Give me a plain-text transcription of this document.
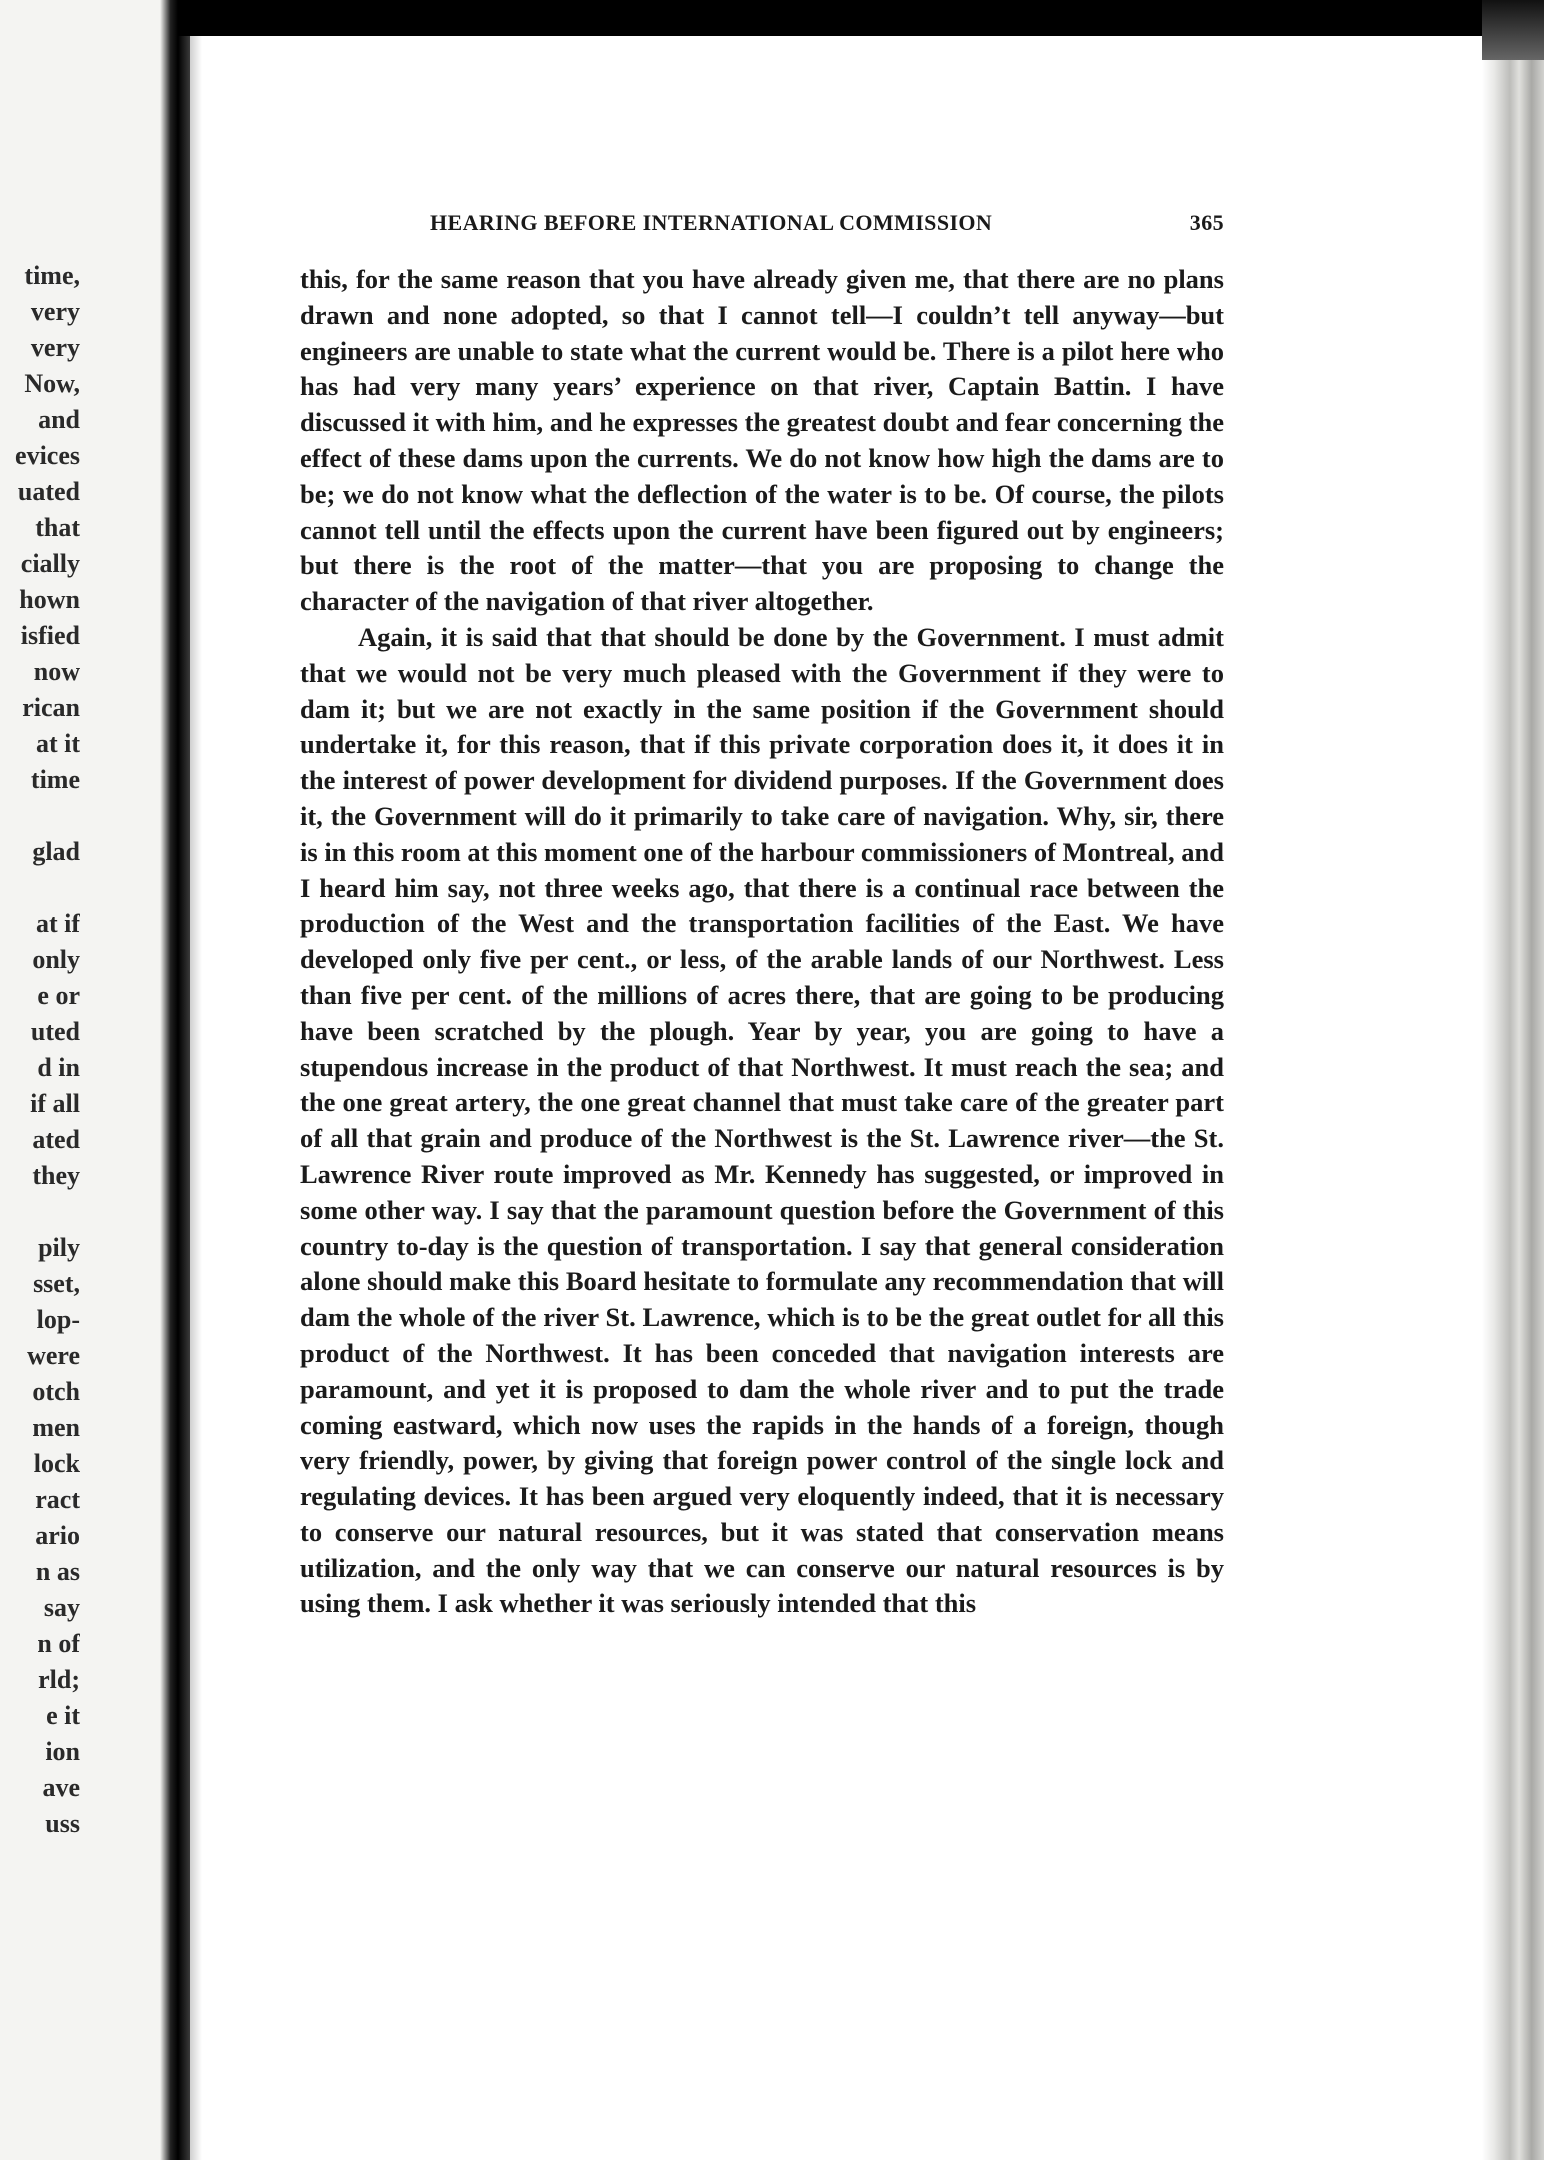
time,
very
very
Now,
and
evices
uated
that
cially
hown
isfied
now
rican
at it
time
glad
at if
only
e or
uted
d in
if all
ated
they
pily
sset,
lop-
were
otch
men
lock
ract
ario
n as
say
n of
rld;
e it
ion
ave
uss
HEARING BEFORE INTERNATIONAL COMMISSION	365

this, for the same reason that you have already given me, that there are no plans drawn and none adopted, so that I cannot tell—I couldn’t tell anyway—but engineers are unable to state what the current would be. There is a pilot here who has had very many years’ experience on that river, Captain Battin. I have discussed it with him, and he expresses the greatest doubt and fear concerning the effect of these dams upon the currents. We do not know how high the dams are to be; we do not know what the deflection of the water is to be. Of course, the pilots cannot tell until the effects upon the current have been figured out by engineers; but there is the root of the matter—that you are proposing to change the character of the navigation of that river altogether.

Again, it is said that that should be done by the Government. I must admit that we would not be very much pleased with the Government if they were to dam it; but we are not exactly in the same position if the Government should undertake it, for this reason, that if this private corporation does it, it does it in the interest of power development for dividend purposes. If the Government does it, the Government will do it primarily to take care of navigation. Why, sir, there is in this room at this moment one of the harbour commissioners of Montreal, and I heard him say, not three weeks ago, that there is a continual race between the production of the West and the transportation facilities of the East. We have developed only five per cent., or less, of the arable lands of our Northwest. Less than five per cent. of the millions of acres there, that are going to be producing have been scratched by the plough. Year by year, you are going to have a stupendous increase in the product of that Northwest. It must reach the sea; and the one great artery, the one great channel that must take care of the greater part of all that grain and produce of the Northwest is the St. Lawrence river—the St. Lawrence River route improved as Mr. Kennedy has suggested, or improved in some other way. I say that the paramount question before the Government of this country to-day is the question of transportation. I say that general consideration alone should make this Board hesitate to formulate any recommendation that will dam the whole of the river St. Lawrence, which is to be the great outlet for all this product of the Northwest. It has been conceded that navigation interests are paramount, and yet it is proposed to dam the whole river and to put the trade coming eastward, which now uses the rapids in the hands of a foreign, though very friendly, power, by giving that foreign power control of the single lock and regulating devices. It has been argued very eloquently indeed, that it is necessary to conserve our natural resources, but it was stated that conservation means utilization, and the only way that we can conserve our natural resources is by using them. I ask whether it was seriously intended that this
